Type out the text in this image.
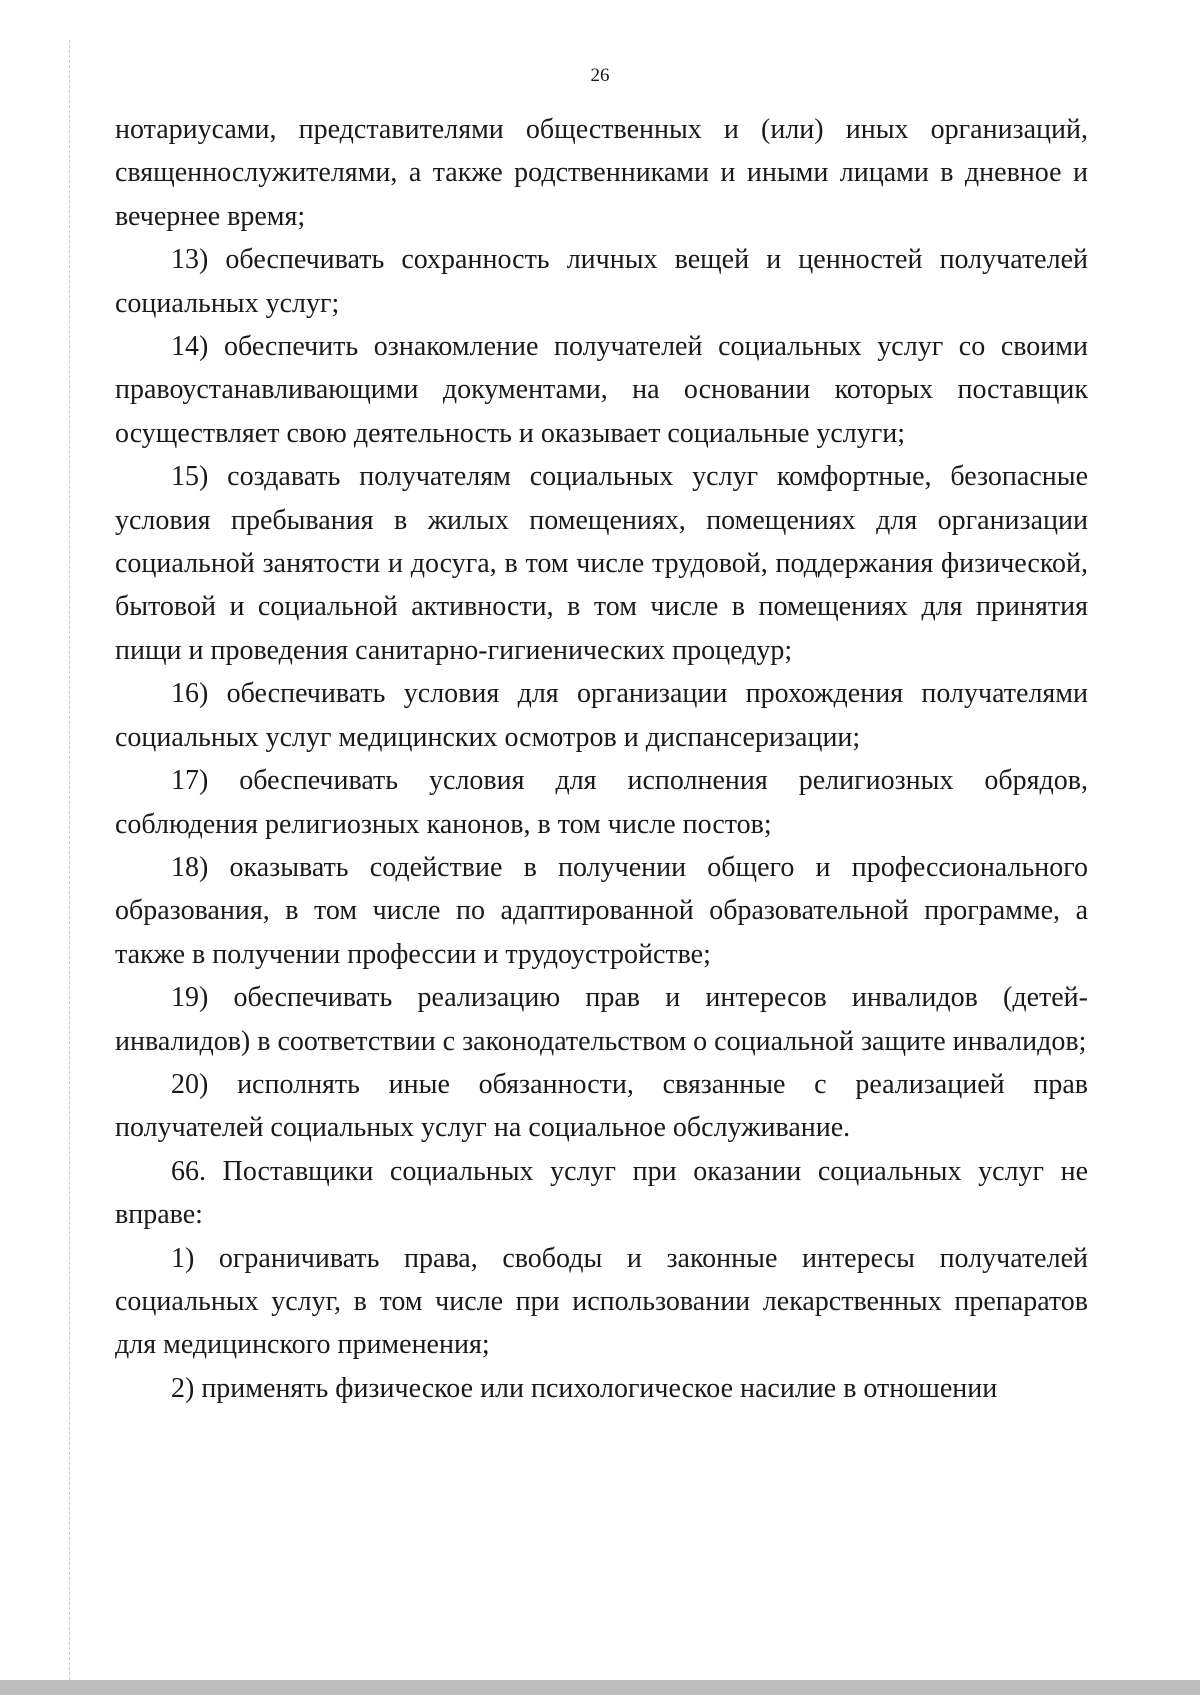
26

нотариусами, представителями общественных и (или) иных организаций, священнослужителями, а также родственниками и иными лицами в дневное и вечернее время;

13) обеспечивать сохранность личных вещей и ценностей получателей социальных услуг;

14) обеспечить ознакомление получателей социальных услуг со своими правоустанавливающими документами, на основании которых поставщик осуществляет свою деятельность и оказывает социальные услуги;

15) создавать получателям социальных услуг комфортные, безопасные условия пребывания в жилых помещениях, помещениях для организации социальной занятости и досуга, в том числе трудовой, поддержания физической, бытовой и социальной активности, в том числе в помещениях для принятия пищи и проведения санитарно-гигиенических процедур;

16) обеспечивать условия для организации прохождения получателями социальных услуг медицинских осмотров и диспансеризации;

17) обеспечивать условия для исполнения религиозных обрядов, соблюдения религиозных канонов, в том числе постов;

18) оказывать содействие в получении общего и профессионального образования, в том числе по адаптированной образовательной программе, а также в получении профессии и трудоустройстве;

19) обеспечивать реализацию прав и интересов инвалидов (детей-инвалидов) в соответствии с законодательством о социальной защите инвалидов;

20) исполнять иные обязанности, связанные с реализацией прав получателей социальных услуг на социальное обслуживание.

66. Поставщики социальных услуг при оказании социальных услуг не вправе:

1) ограничивать права, свободы и законные интересы получателей социальных услуг, в том числе при использовании лекарственных препаратов для медицинского применения;

2) применять физическое или психологическое насилие в отношении
